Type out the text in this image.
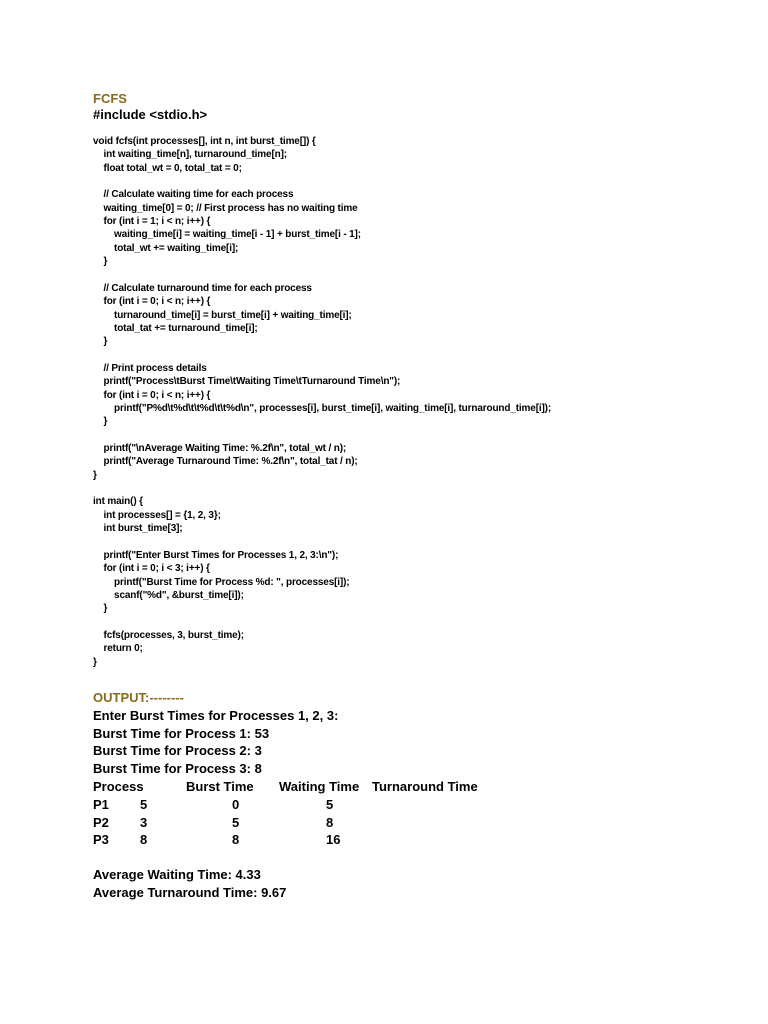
FCFS
#include <stdio.h>
void fcfs(int processes[], int n, int burst_time[]) {
int waiting_time[n], turnaround_time[n];
float total_wt = 0, total_tat = 0;
// Calculate waiting time for each process
waiting_time[0] = 0; // First process has no waiting time
for (int i = 1; i < n; i++) {
waiting_time[i] = waiting_time[i - 1] + burst_time[i - 1];
total_wt += waiting_time[i];
}
// Calculate turnaround time for each process
for (int i = 0; i < n; i++) {
turnaround_time[i] = burst_time[i] + waiting_time[i];
total_tat += turnaround_time[i];
}
// Print process details
printf("Process\tBurst Time\tWaiting Time\tTurnaround Time\n");
for (int i = 0; i < n; i++) {
printf("P%d\t%d\t\t%d\t\t%d\n", processes[i], burst_time[i], waiting_time[i], turnaround_time[i]);
}
printf("\nAverage Waiting Time: %.2f\n", total_wt / n);
printf("Average Turnaround Time: %.2f\n", total_tat / n);
}
int main() {
int processes[] = {1, 2, 3};
int burst_time[3];
printf("Enter Burst Times for Processes 1, 2, 3:\n");
for (int i = 0; i < 3; i++) {
printf("Burst Time for Process %d: ", processes[i]);
scanf("%d", &burst_time[i]);
}
fcfs(processes, 3, burst_time);
return 0;
}
OUTPUT:--------
Enter Burst Times for Processes 1, 2, 3:
Burst Time for Process 1: 53
Burst Time for Process 2: 3
Burst Time for Process 3: 8
Process	Burst Time Waiting Time Turnaround Time
P1 5	0	5
P2 3	5	8
P3 8	8	16
Average Waiting Time: 4.33
Average Turnaround Time: 9.67
